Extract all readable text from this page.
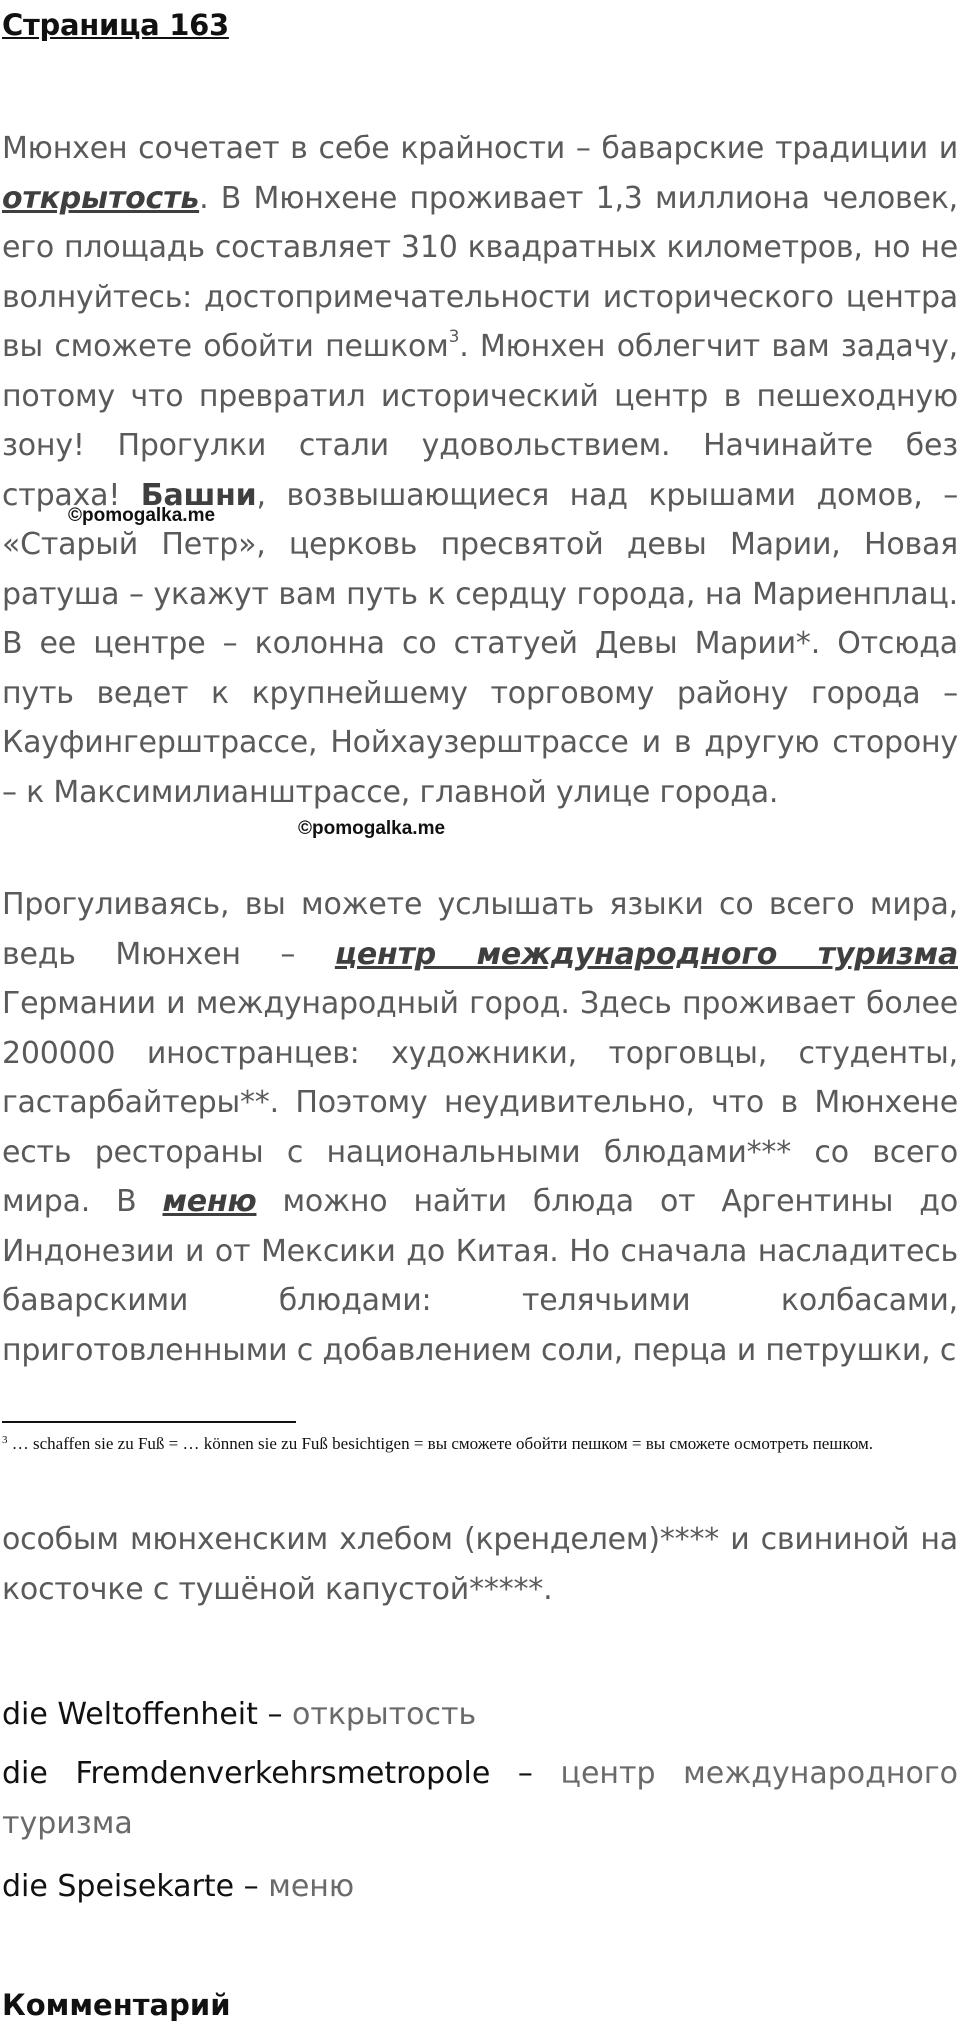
Страница 163
Мюнхен сочетает в себе крайности – баварские традиции и открытость. В Мюнхене проживает 1,3 миллиона человек, его площадь составляет 310 квадратных километров, но не волнуйтесь: достопримечательности исторического центра вы сможете обойти пешком$^3$. Мюнхен облегчит вам задачу, потому что превратил исторический центр в пешеходную зону! Прогулки стали удовольствием. Начинайте без страха! Башни, возвышающиеся над крышами домов, – «Старый Петр», церковь пресвятой девы Марии, Новая ратуша – укажут вам путь к сердцу города, на Мариенплац. В ее центре – колонна со статуей Девы Марии*. Отсюда путь ведет к крупнейшему торговому району города – Кауфингерштрассе, Нойхаузерштрассе и в другую сторону – к Максимилианштрассе, главной улице города.
©pomogalka.me
©pomogalka.me
Прогуливаясь, вы можете услышать языки со всего мира, ведь Мюнхен – центр международного туризма Германии и международный город. Здесь проживает более 200000 иностранцев: художники, торговцы, студенты, гастарбайтеры**. Поэтому неудивительно, что в Мюнхене есть рестораны с национальными блюдами*** со всего мира. В меню можно найти блюда от Аргентины до Индонезии и от Мексики до Китая. Но сначала насладитесь баварскими блюдами: телячьими колбасами, приготовленными с добавлением соли, перца и петрушки, с
$^3$ … schaffen sie zu Fuß = … können sie zu Fuß besichtigen = вы сможете обойти пешком = вы сможете осмотреть пешком.
особым мюнхенским хлебом (кренделем)**** и свининой на косточке с тушёной капустой*****.
die Weltoffenheit – открытость
die Fremdenverkehrsmetropole – центр международного туризма
die Speisekarte – меню
Комментарий
